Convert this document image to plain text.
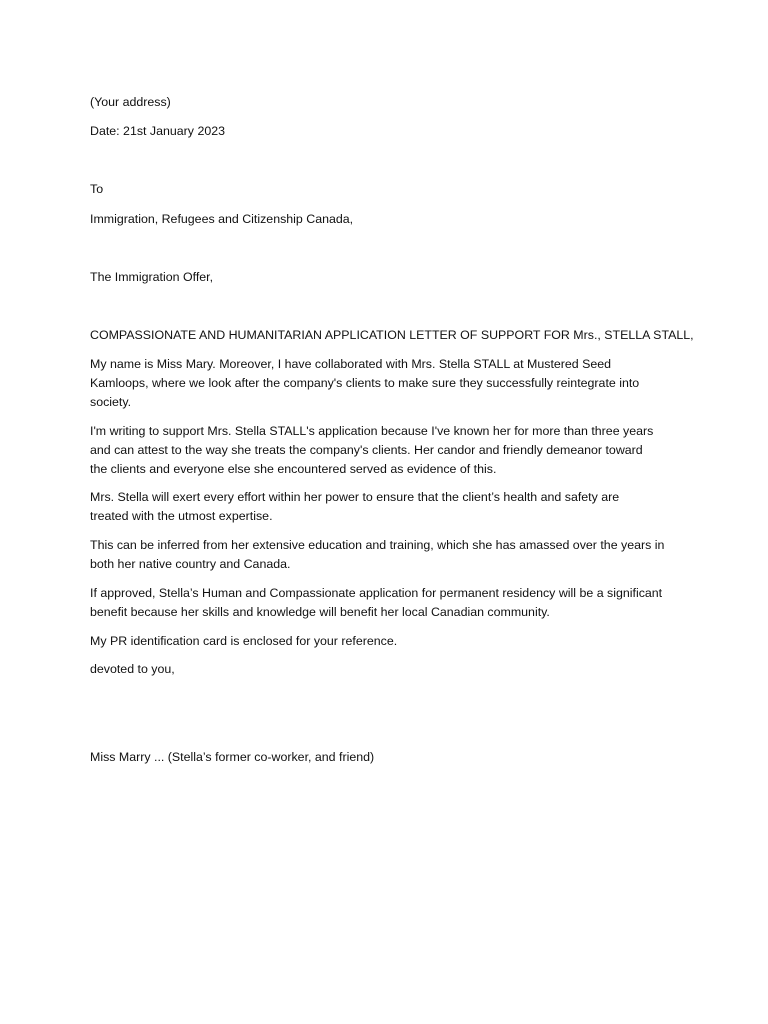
(Your address)

Date: 21st January 2023

To

Immigration, Refugees and Citizenship Canada,

The Immigration Offer,

COMPASSIONATE AND HUMANITARIAN APPLICATION LETTER OF SUPPORT FOR Mrs., STELLA STALL,

My name is Miss Mary. Moreover, I have collaborated with Mrs. Stella STALL at Mustered Seed
Kamloops, where we look after the company's clients to make sure they successfully reintegrate into
society.
I'm writing to support Mrs. Stella STALL's application because I've known her for more than three years
and can attest to the way she treats the company's clients. Her candor and friendly demeanor toward
the clients and everyone else she encountered served as evidence of this.
Mrs. Stella will exert every effort within her power to ensure that the client’s health and safety are
treated with the utmost expertise.
This can be inferred from her extensive education and training, which she has amassed over the years in
both her native country and Canada.
If approved, Stella’s Human and Compassionate application for permanent residency will be a significant
benefit because her skills and knowledge will benefit her local Canadian community.
My PR identification card is enclosed for your reference.

devoted to you,

Miss Marry ... (Stella’s former co-worker, and friend)
